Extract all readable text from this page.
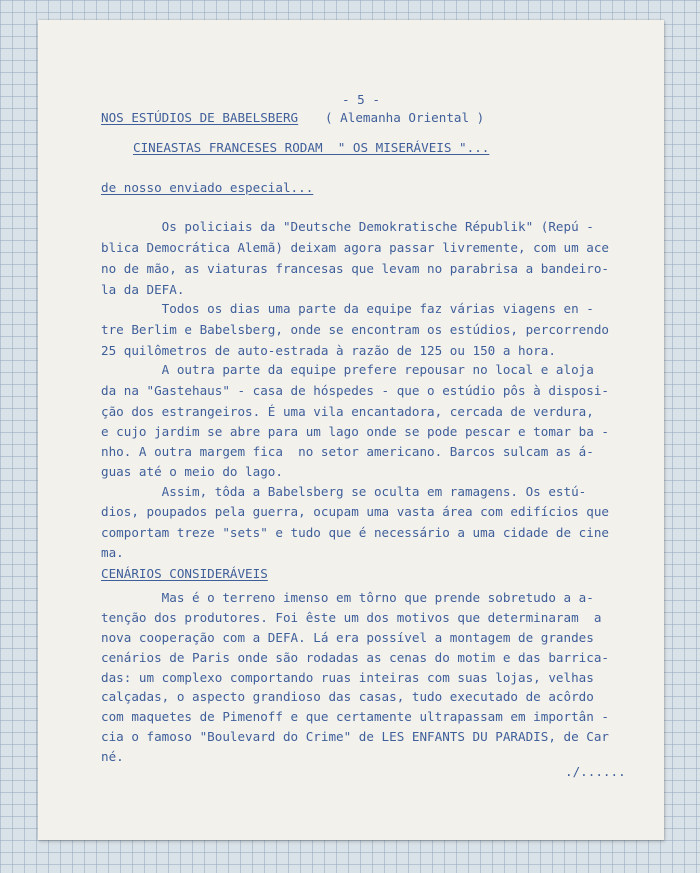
- 5 -
NOS ESTÚDIOS DE BABELSBERG ( Alemanha Oriental )
CINEASTAS FRANCESES RODAM  " OS MISERÁVEIS "...
de nosso enviado especial...
Os policiais da "Deutsche Demokratische Républik" (Repú -
blica Democrática Alemã) deixam agora passar livremente, com um ace
no de mão, as viaturas francesas que levam no parabrisa a bandeiro-
la da DEFA.
Todos os dias uma parte da equipe faz várias viagens en -
tre Berlim e Babelsberg, onde se encontram os estúdios, percorrendo
25 quilômetros de auto-estrada à razão de 125 ou 150 a hora.
A outra parte da equipe prefere repousar no local e aloja
da na "Gastehaus" - casa de hóspedes - que o estúdio pôs à disposi-
ção dos estrangeiros. É uma vila encantadora, cercada de verdura,
e cujo jardim se abre para um lago onde se pode pescar e tomar ba -
nho. A outra margem fica  no setor americano. Barcos sulcam as á-
guas até o meio do lago.
Assim, tôda a Babelsberg se oculta em ramagens. Os estú-
dios, poupados pela guerra, ocupam uma vasta área com edifícios que
comportam treze "sets" e tudo que é necessário a uma cidade de cine
ma.
CENÁRIOS CONSIDERÁVEIS
Mas é o terreno imenso em tôrno que prende sobretudo a a-
tenção dos produtores. Foi êste um dos motivos que determinaram  a
nova cooperação com a DEFA. Lá era possível a montagem de grandes
cenários de Paris onde são rodadas as cenas do motim e das barrica-
das: um complexo comportando ruas inteiras com suas lojas, velhas
calçadas, o aspecto grandioso das casas, tudo executado de acôrdo
com maquetes de Pimenoff e que certamente ultrapassam em importân -
cia o famoso "Boulevard do Crime" de LES ENFANTS DU PARADIS, de Car
né.
./......
